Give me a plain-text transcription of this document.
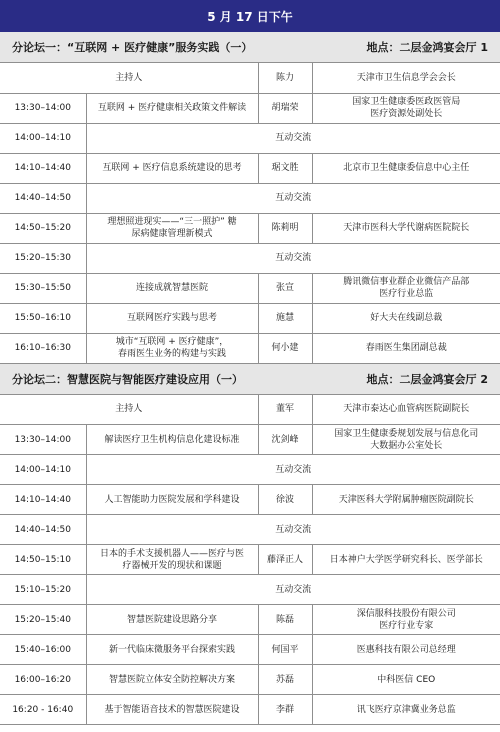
5 月 17 日下午
分论坛一：“互联网 + 医疗健康”服务实践（一）	地点：二层金鸿宴会厅 1
主持人		陈力	天津市卫生信息学会会长
13:30–14:00	互联网 + 医疗健康相关政策文件解读	胡瑞荣	国家卫生健康委医政医管局
医疗资源处副处长
14:00–14:10	互动交流		
14:10–14:40	互联网 + 医疗信息系统建设的思考	琚文胜	北京市卫生健康委信息中心主任
14:40–14:50	互动交流		
14:50–15:20	理想照进现实——“三一照护” 糖
尿病健康管理新模式	陈莉明	天津市医科大学代谢病医院院长
15:20–15:30	互动交流		
15:30–15:50	连接成就智慧医院	张宣	腾讯微信事业群企业微信产品部
医疗行业总监
15:50–16:10	互联网医疗实践与思考	施慧	好大夫在线副总裁
16:10–16:30	城市“互联网 + 医疗健康”，
春雨医生业务的构建与实践	何小建	春雨医生集团副总裁
分论坛二：智慧医院与智能医疗建设应用（一）	地点：二层金鸿宴会厅 2
主持人		董军	天津市泰达心血管病医院副院长
13:30–14:00	解读医疗卫生机构信息化建设标准	沈剑峰	国家卫生健康委规划发展与信息化司
大数据办公室处长
14:00–14:10	互动交流		
14:10–14:40	人工智能助力医院发展和学科建设	徐波	天津医科大学附属肿瘤医院副院长
14:40–14:50	互动交流		
14:50–15:10	日本的手术支援机器人——医疗与医
疗器械开发的现状和课题	藤泽正人	日本神户大学医学研究科长、医学部长
15:10–15:20	互动交流		
15:20–15:40	智慧医院建设思路分享	陈磊	深信服科技股份有限公司
医疗行业专家
15:40–16:00	新一代临床微服务平台探索实践	何国平	医惠科技有限公司总经理
16:00–16:20	智慧医院立体安全防控解决方案	苏磊	中科医信 CEO
16:20 - 16:40	基于智能语音技术的智慧医院建设	李群	讯飞医疗京津冀业务总监
